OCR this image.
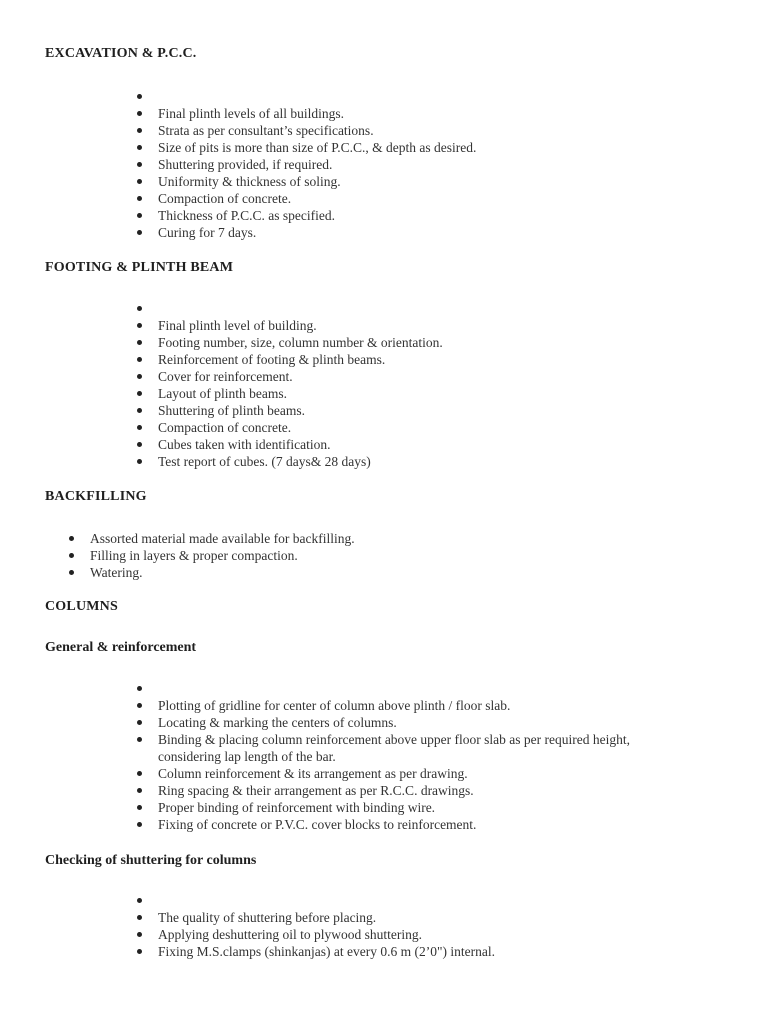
EXCAVATION & P.C.C.
Final plinth levels of all buildings.
Strata as per consultant’s specifications.
Size of pits is more than size of P.C.C., & depth as desired.
Shuttering provided, if required.
Uniformity & thickness of soling.
Compaction of concrete.
Thickness of P.C.C. as specified.
Curing for 7 days.
FOOTING & PLINTH BEAM
Final plinth level of building.
Footing number, size, column number & orientation.
Reinforcement of footing & plinth beams.
Cover for reinforcement.
Layout of plinth beams.
Shuttering of plinth beams.
Compaction of concrete.
Cubes taken with identification.
Test report of cubes. (7 days& 28 days)
BACKFILLING
Assorted material made available for backfilling.
Filling in layers & proper compaction.
Watering.
COLUMNS
General & reinforcement
Plotting of gridline for center of column above plinth / floor slab.
Locating & marking the centers of columns.
Binding & placing column reinforcement above upper floor slab as per required height, considering lap length of the bar.
Column reinforcement & its arrangement as per drawing.
Ring spacing & their arrangement as per R.C.C. drawings.
Proper binding of reinforcement with binding wire.
Fixing of concrete or P.V.C. cover blocks to reinforcement.
Checking of shuttering for columns
The quality of shuttering before placing.
Applying deshuttering oil to plywood shuttering.
Fixing M.S.clamps (shinkanjas) at every 0.6 m (2’0") internal.
